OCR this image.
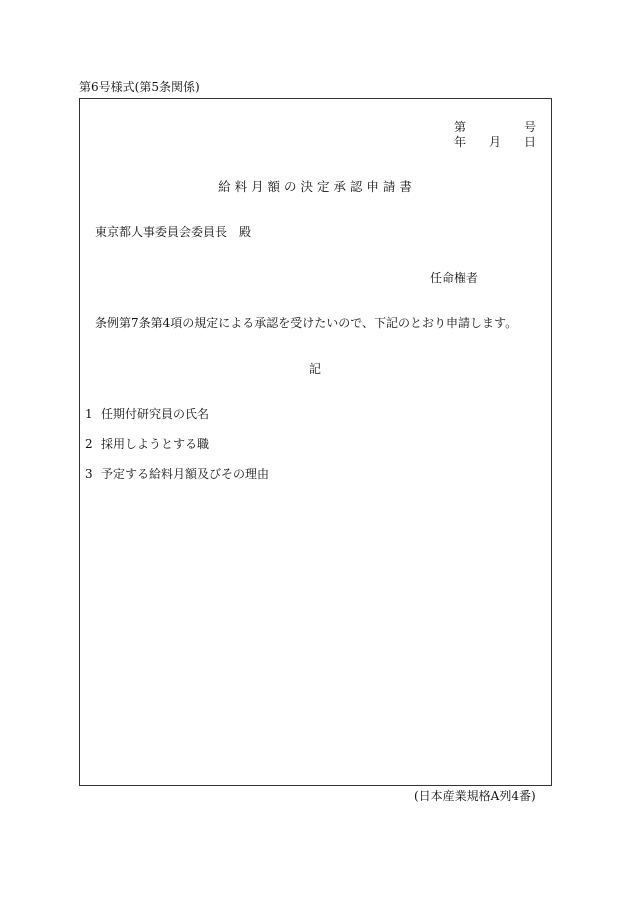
第6号様式(第5条関係)
第	号
年 月 日
給 料 月 額 の 決 定 承 認 申 請 書
東京都人事委員会委員長　殿
任命権者
条例第7条第4項の規定による承認を受けたいので、下記のとおり申請します。
記
1 任期付研究員の氏名
2 採用しようとする職
3 予定する給料月額及びその理由
(日本産業規格A列4番)
